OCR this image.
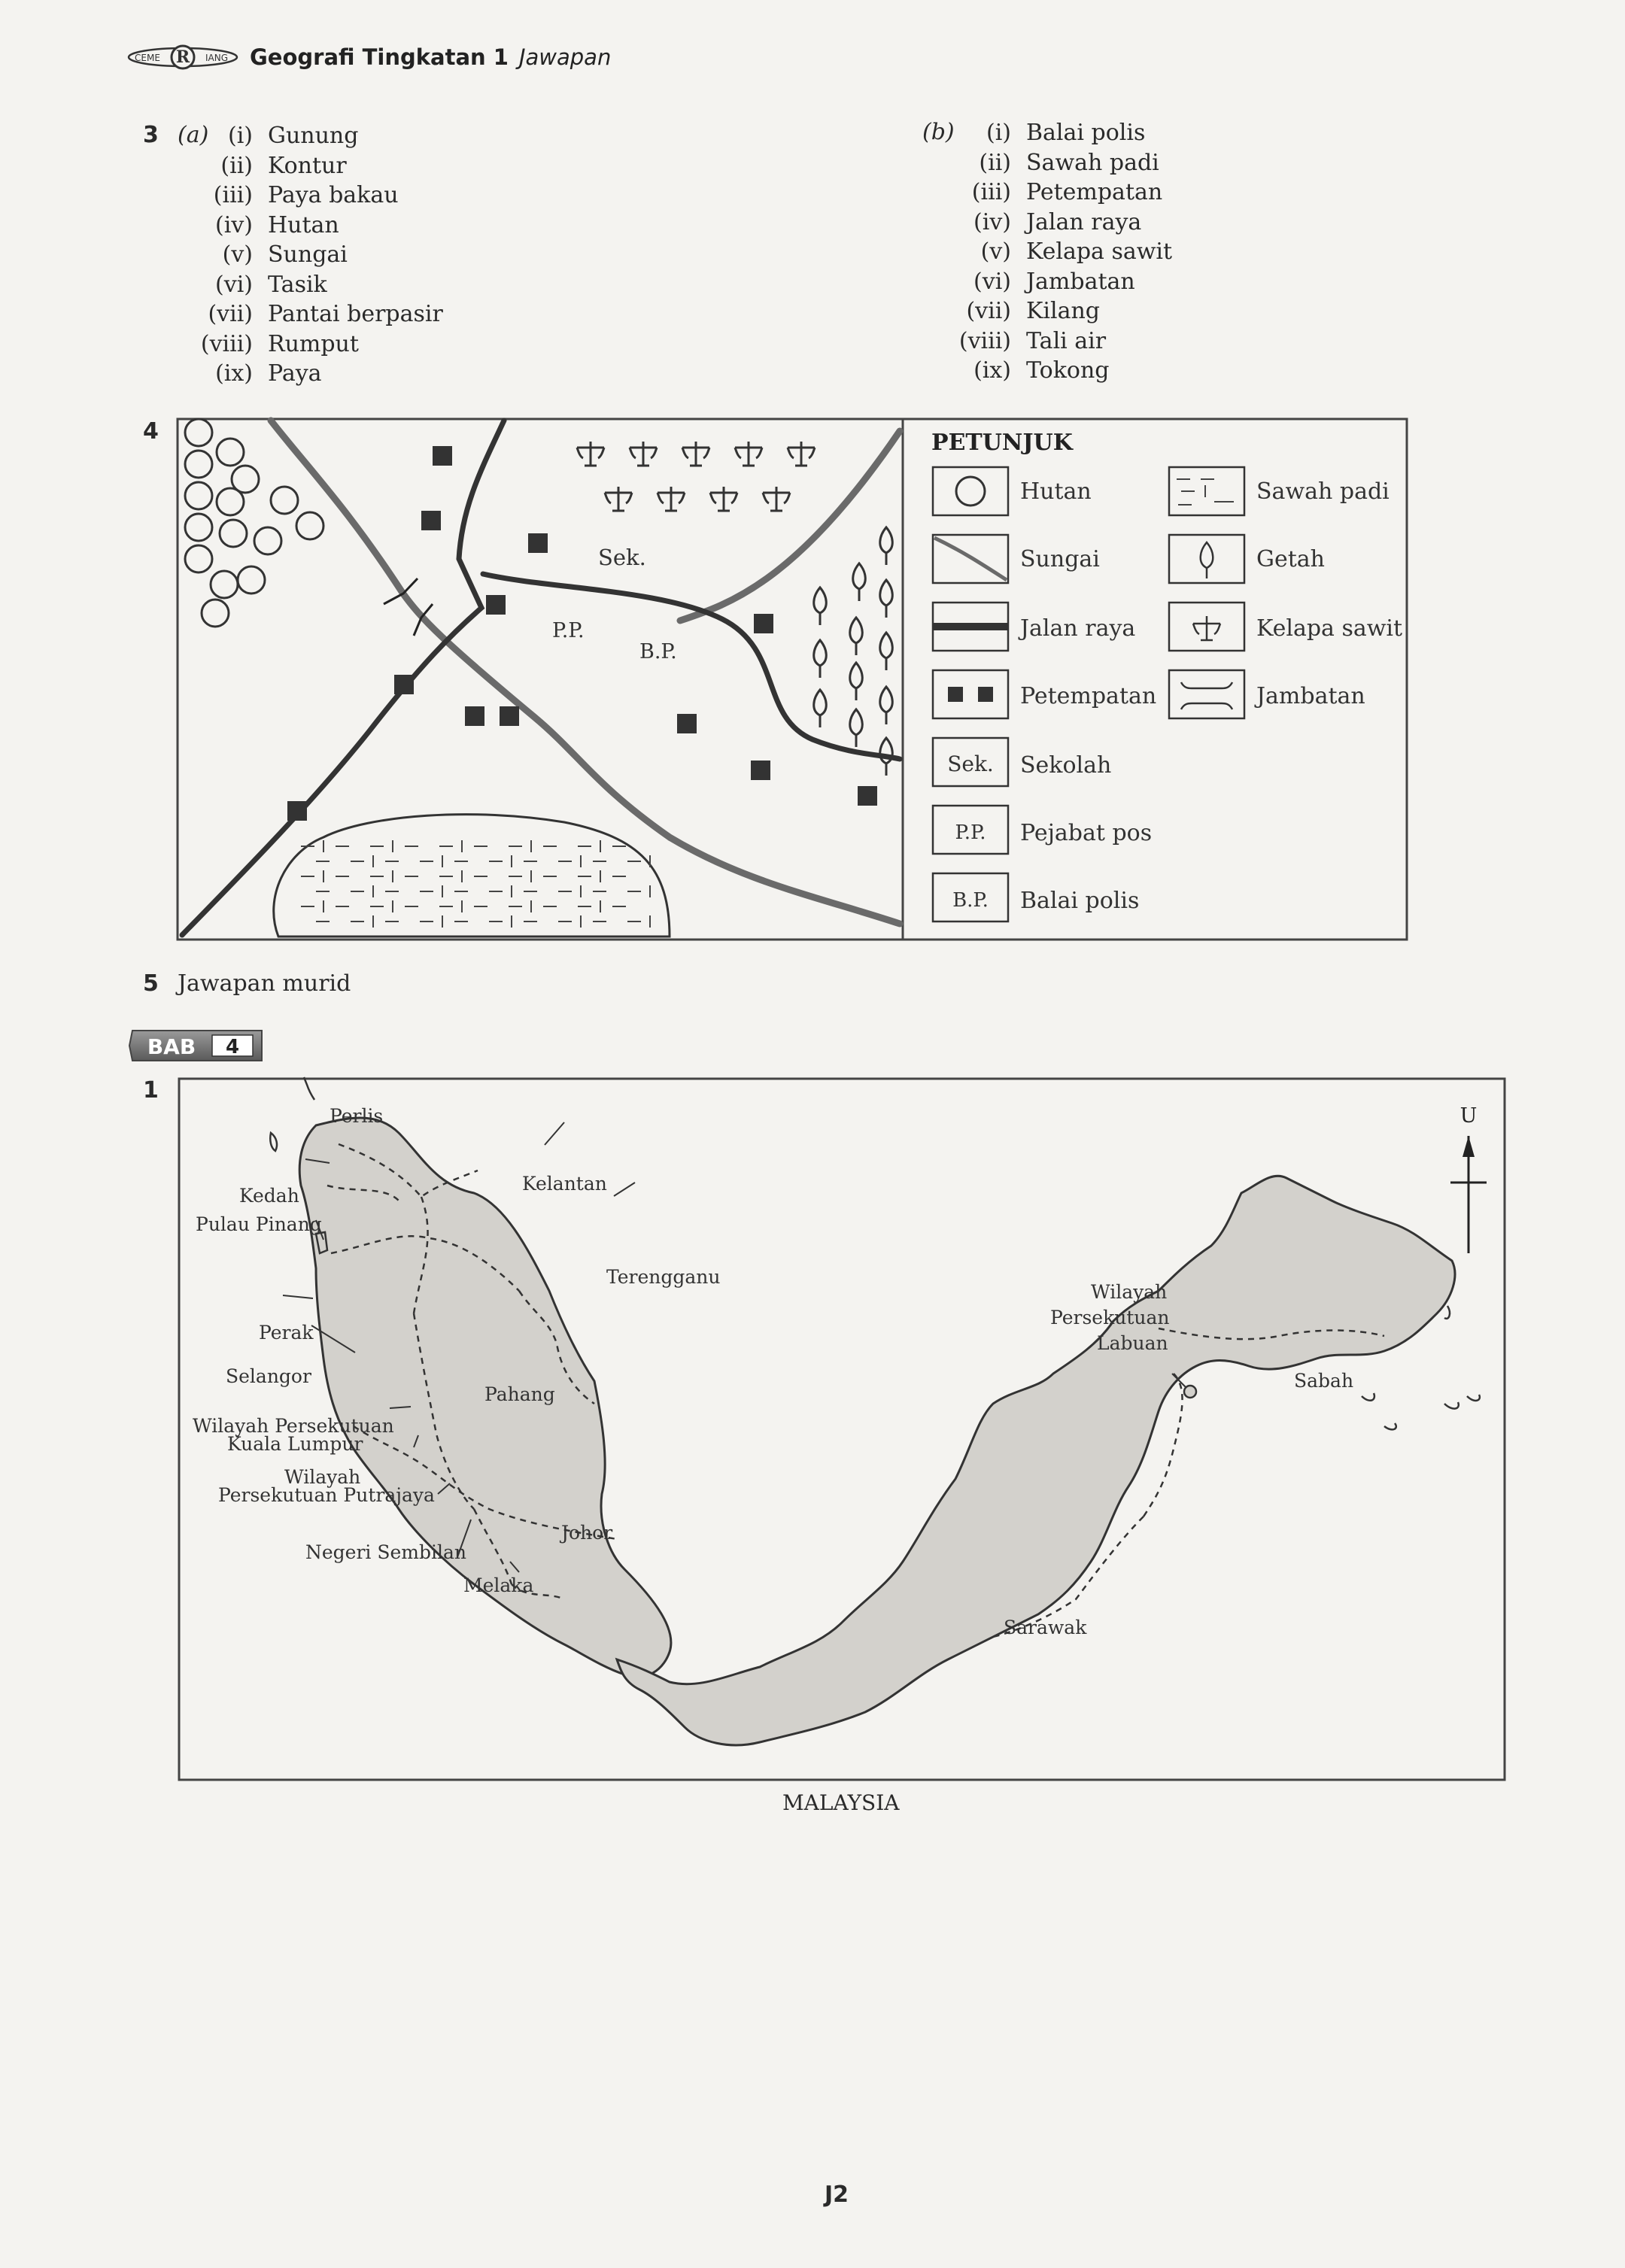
R
CEME	IANG Geografi Tingkatan 1 Jawapan
3 (a) (i) Gunung
(ii) Kontur
(iii) Paya bakau
(iv) Hutan
(v) Sungai
(vi) Tasik
(vii) Pantai berpasir
(viii) Rumput
(ix) Paya
(b)	(i) Balai polis
(ii) Sawah padi
(iii) Petempatan
(iv) Jalan raya
(v) Kelapa sawit
(vi) Jambatan
(vii) Kilang
(viii) Tali air
(ix) Tokong
4
Sek.
P.P.
B.P.
PETUNJUK
Hutan
Sungai
Jalan raya
Petempatan
Sek. Sekolah
P.P. Pejabat pos
B.P. Balai polis
Sawah padi
Getah
Kelapa sawit
Jambatan
5 Jawapan murid
BAB 4
1
U
Perlis
Kedah
Pulau Pinang
Kelantan
Terengganu
Perak
Selangor
Wilayah Persekutuan
Kuala Lumpur
Wilayah
Persekutuan Putrajaya
Pahang
Johor
Negeri Sembilan
Melaka
Wilayah
Persekutuan
Labuan
Sabah
Sarawak
MALAYSIA
J2
